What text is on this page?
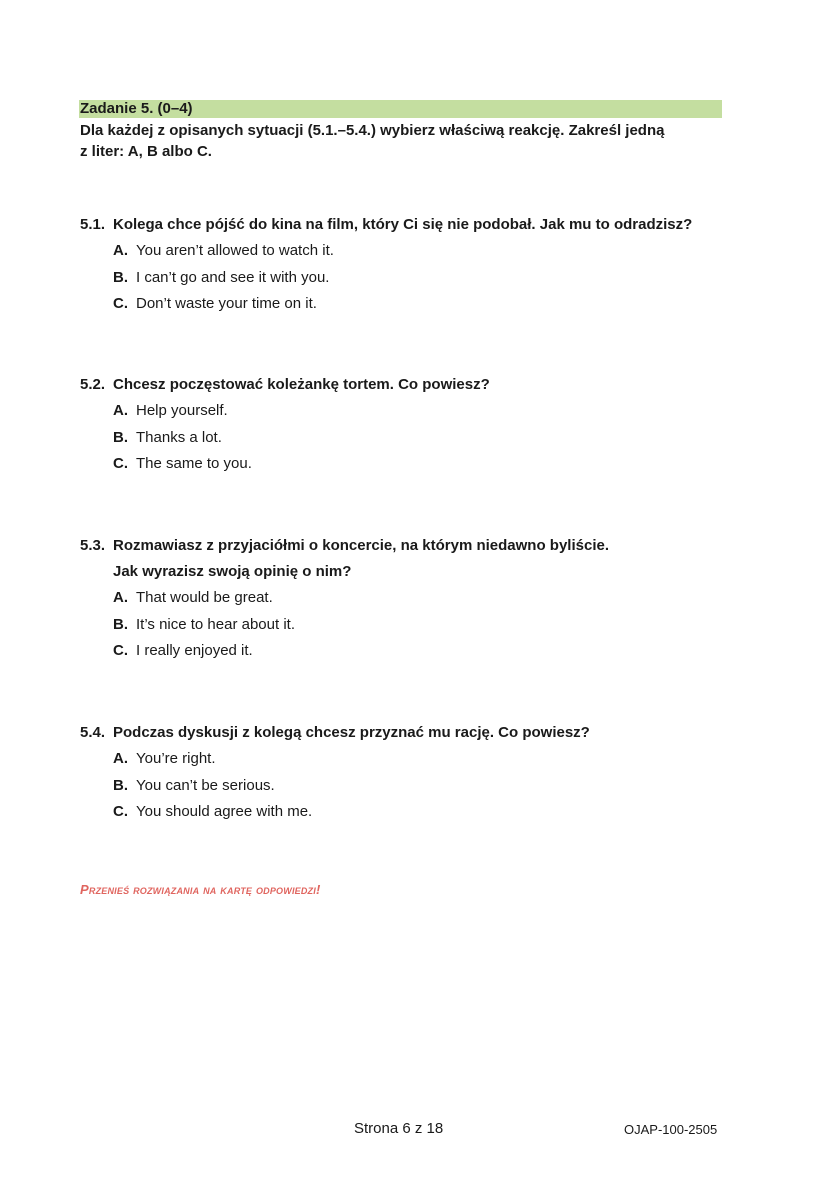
Zadanie 5. (0–4)
Dla każdej z opisanych sytuacji (5.1.–5.4.) wybierz właściwą reakcję. Zakreśl jedną
z liter: A, B albo C.
5.1. Kolega chce pójść do kina na film, który Ci się nie podobał. Jak mu to odradzisz?
A. You aren’t allowed to watch it.
B. I can’t go and see it with you.
C. Don’t waste your time on it.
5.2. Chcesz poczęstować koleżankę tortem. Co powiesz?
A. Help yourself.
B. Thanks a lot.
C. The same to you.
5.3. Rozmawiasz z przyjaciółmi o koncercie, na którym niedawno byliście.
Jak wyrazisz swoją opinię o nim?
A. That would be great.
B. It’s nice to hear about it.
C. I really enjoyed it.
5.4. Podczas dyskusji z kolegą chcesz przyznać mu rację. Co powiesz?
A. You’re right.
B. You can’t be serious.
C. You should agree with me.
Przenieś rozwiązania na kartę odpowiedzi!
Strona 6 z 18	OJAP-100-2505
